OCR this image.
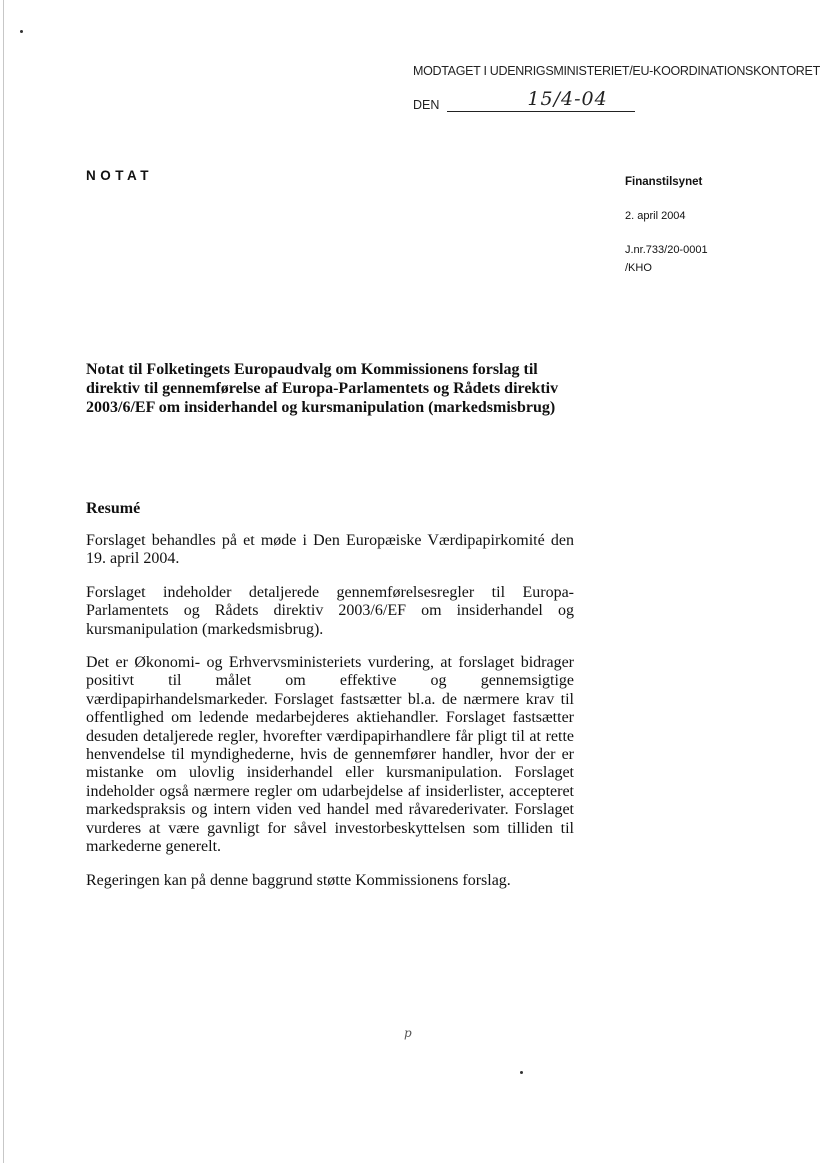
MODTAGET I UDENRIGSMINISTERIET/EU-KOORDINATIONSKONTORET
DEN	15/4-04
NOTAT	Finanstilsynet
2. april 2004
J.nr.733/20-0001
/KHO
Notat til Folketingets Europaudvalg om Kommissionens forslag til direktiv til gennemførelse af Europa-Parlamentets og Rådets direktiv 2003/6/EF om insiderhandel og kursmanipulation (markedsmisbrug)
Resumé

Forslaget behandles på et møde i Den Europæiske Værdipapirkomité den 19. april 2004.

Forslaget indeholder detaljerede gennemførelsesregler til Europa-Parlamentets og Rådets direktiv 2003/6/EF om insiderhandel og kursmanipulation (markedsmisbrug).

Det er Økonomi- og Erhvervsministeriets vurdering, at forslaget bidrager positivt til målet om effektive og gennemsigtige værdipapirhandelsmarkeder. Forslaget fastsætter bl.a. de nærmere krav til offentlighed om ledende medarbejderes aktiehandler. Forslaget fastsætter desuden detaljerede regler, hvorefter værdipapirhandlere får pligt til at rette henvendelse til myndighederne, hvis de gennemfører handler, hvor der er mistanke om ulovlig insiderhandel eller kursmanipulation. Forslaget indeholder også nærmere regler om udarbejdelse af insiderlister, accepteret markedspraksis og intern viden ved handel med råvarederivater. Forslaget vurderes at være gavnligt for såvel investorbeskyttelsen som tilliden til markederne generelt.

Regeringen kan på denne baggrund støtte Kommissionens forslag.

p
